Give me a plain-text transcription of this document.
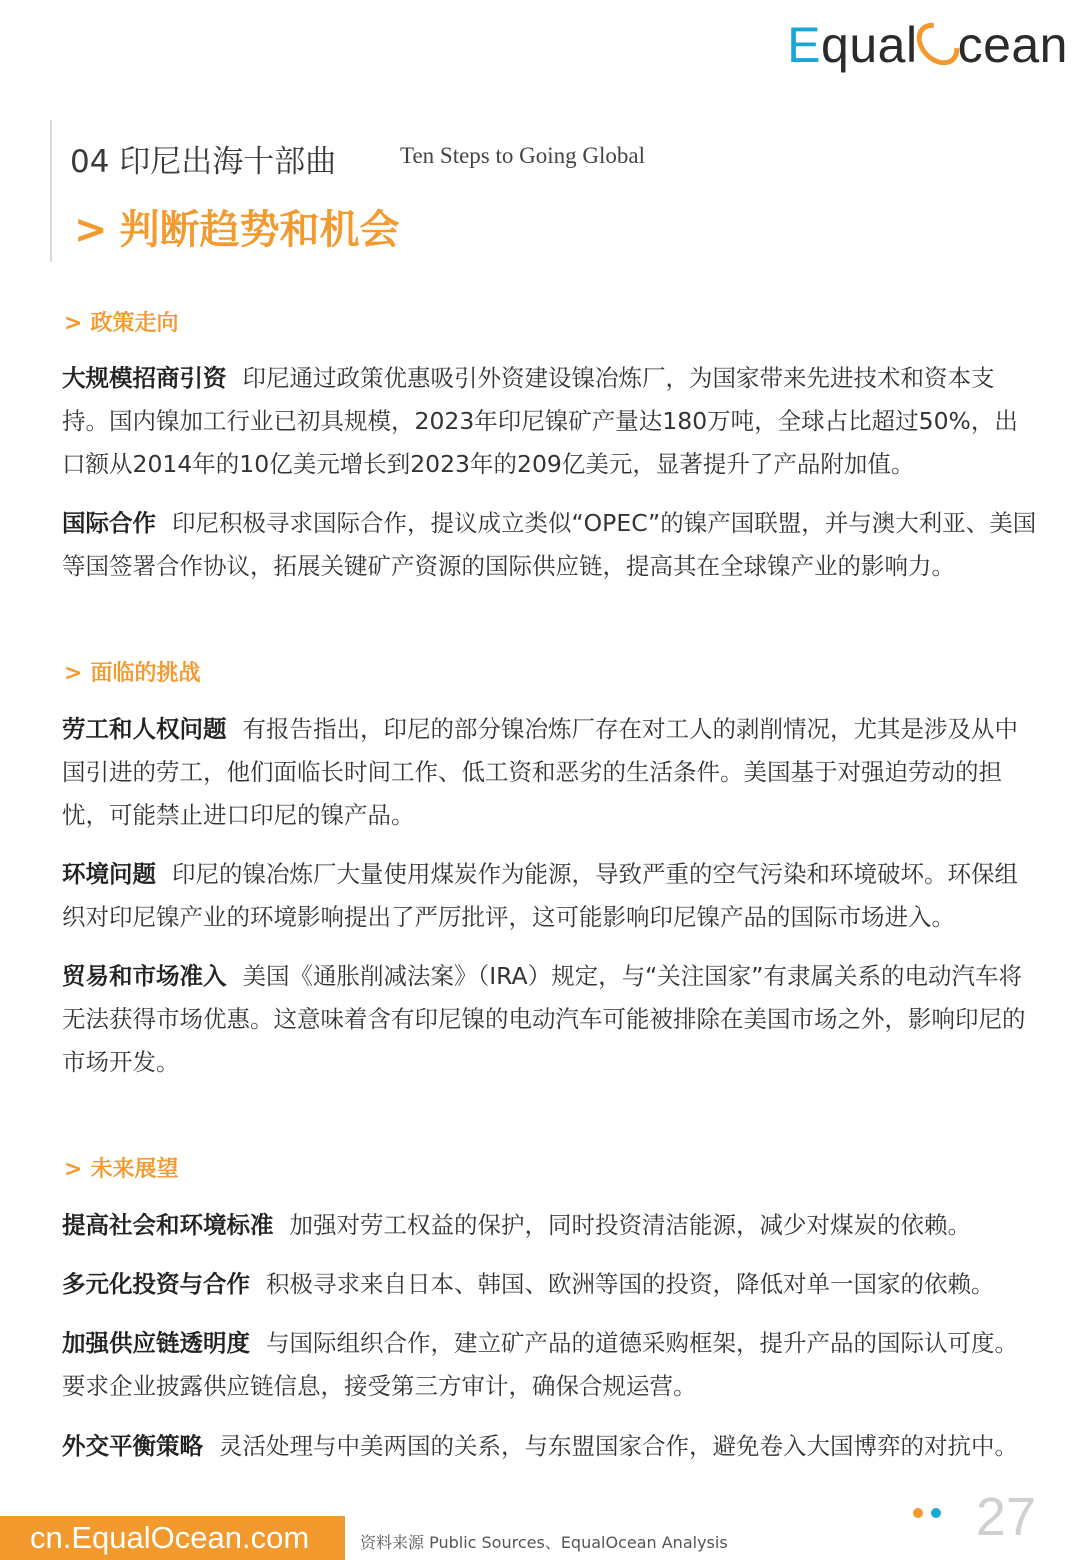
Equal cean
04 印尼出海十部曲	Ten Steps to Going Global
> 判断趋势和机会
> 政策走向
大规模招商引资 印尼通过政策优惠吸引外资建设镍冶炼厂，为国家带来先进技术和资本支持。国内镍加工行业已初具规模，2023年印尼镍矿产量达180万吨，全球占比超过50%，出口额从2014年的10亿美元增长到2023年的209亿美元，显著提升了产品附加值。
国际合作 印尼积极寻求国际合作，提议成立类似“OPEC”的镍产国联盟，并与澳大利亚、美国等国签署合作协议，拓展关键矿产资源的国际供应链，提高其在全球镍产业的影响力。
> 面临的挑战
劳工和人权问题 有报告指出，印尼的部分镍冶炼厂存在对工人的剥削情况，尤其是涉及从中国引进的劳工，他们面临长时间工作、低工资和恶劣的生活条件。美国基于对强迫劳动的担忧，可能禁止进口印尼的镍产品。
环境问题 印尼的镍冶炼厂大量使用煤炭作为能源，导致严重的空气污染和环境破坏。环保组织对印尼镍产业的环境影响提出了严厉批评，这可能影响印尼镍产品的国际市场进入。
贸易和市场准入 美国《通胀削减法案》（IRA）规定，与“关注国家”有隶属关系的电动汽车将无法获得市场优惠。这意味着含有印尼镍的电动汽车可能被排除在美国市场之外，影响印尼的市场开发。
> 未来展望
提高社会和环境标准 加强对劳工权益的保护，同时投资清洁能源，减少对煤炭的依赖。
多元化投资与合作 积极寻求来自日本、韩国、欧洲等国的投资，降低对单一国家的依赖。
加强供应链透明度 与国际组织合作，建立矿产品的道德采购框架，提升产品的国际认可度。要求企业披露供应链信息，接受第三方审计，确保合规运营。
外交平衡策略 灵活处理与中美两国的关系，与东盟国家合作，避免卷入大国博弈的对抗中。
cn.EqualOcean.com	资料来源 Public Sources、EqualOcean Analysis	27
